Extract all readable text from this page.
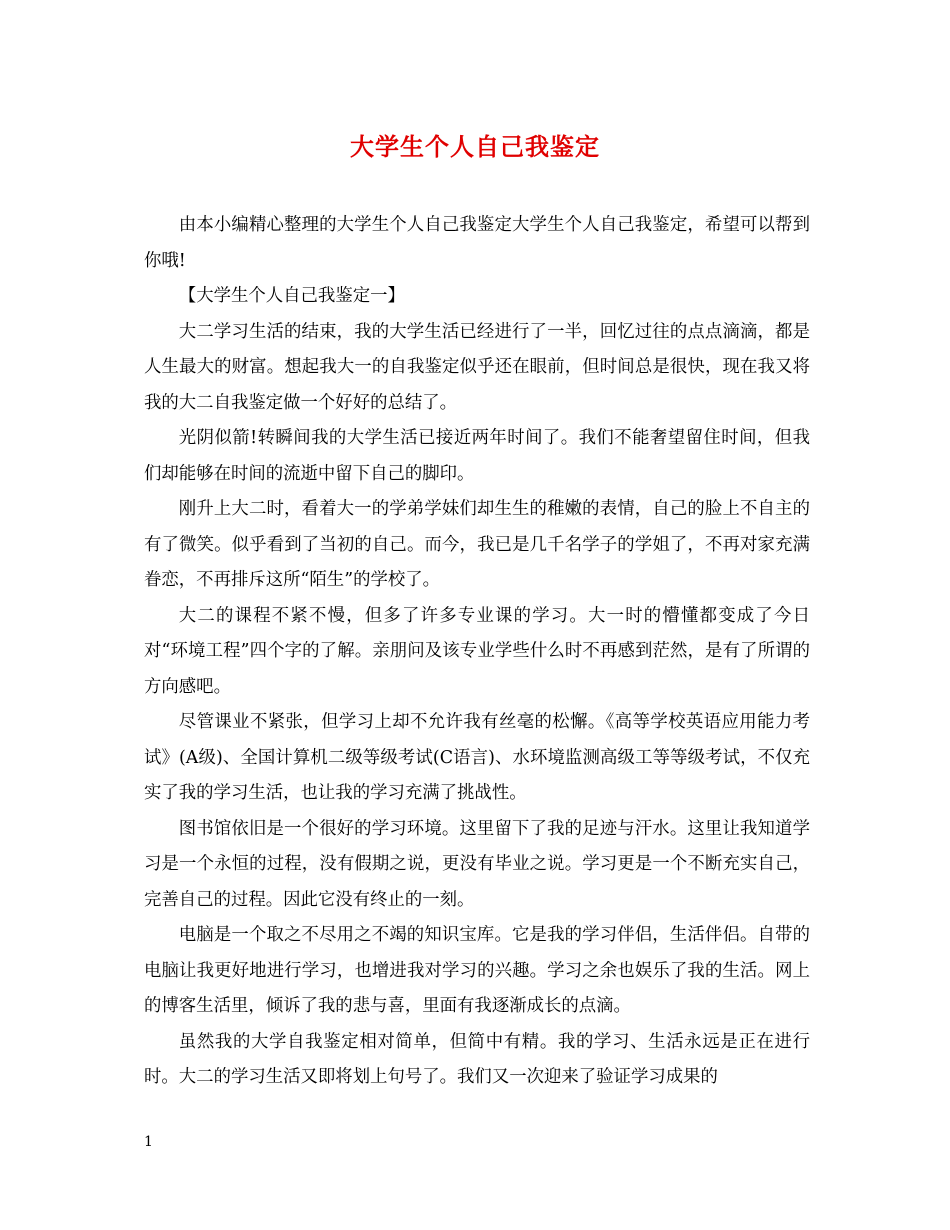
大学生个人自己我鉴定

由本小编精心整理的大学生个人自己我鉴定大学生个人自己我鉴定，希望可以帮到你哦!

【大学生个人自己我鉴定一】

大二学习生活的结束，我的大学生活已经进行了一半，回忆过往的点点滴滴，都是人生最大的财富。想起我大一的自我鉴定似乎还在眼前，但时间总是很快，现在我又将我的大二自我鉴定做一个好好的总结了。

光阴似箭!转瞬间我的大学生活已接近两年时间了。我们不能奢望留住时间，但我们却能够在时间的流逝中留下自己的脚印。

刚升上大二时，看着大一的学弟学妹们却生生的稚嫩的表情，自己的脸上不自主的有了微笑。似乎看到了当初的自己。而今，我已是几千名学子的学姐了，不再对家充满眷恋，不再排斥这所“陌生”的学校了。

大二的课程不紧不慢，但多了许多专业课的学习。大一时的懵懂都变成了今日对“环境工程”四个字的了解。亲朋问及该专业学些什么时不再感到茫然，是有了所谓的方向感吧。

尽管课业不紧张，但学习上却不允许我有丝毫的松懈。《高等学校英语应用能力考试》(A级)、全国计算机二级等级考试(C语言)、水环境监测高级工等等级考试，不仅充实了我的学习生活，也让我的学习充满了挑战性。

图书馆依旧是一个很好的学习环境。这里留下了我的足迹与汗水。这里让我知道学习是一个永恒的过程，没有假期之说，更没有毕业之说。学习更是一个不断充实自己，完善自己的过程。因此它没有终止的一刻。

电脑是一个取之不尽用之不竭的知识宝库。它是我的学习伴侣，生活伴侣。自带的电脑让我更好地进行学习，也增进我对学习的兴趣。学习之余也娱乐了我的生活。网上的博客生活里，倾诉了我的悲与喜，里面有我逐渐成长的点滴。

虽然我的大学自我鉴定相对简单，但简中有精。我的学习、生活永远是正在进行时。大二的学习生活又即将划上句号了。我们又一次迎来了验证学习成果的

1
